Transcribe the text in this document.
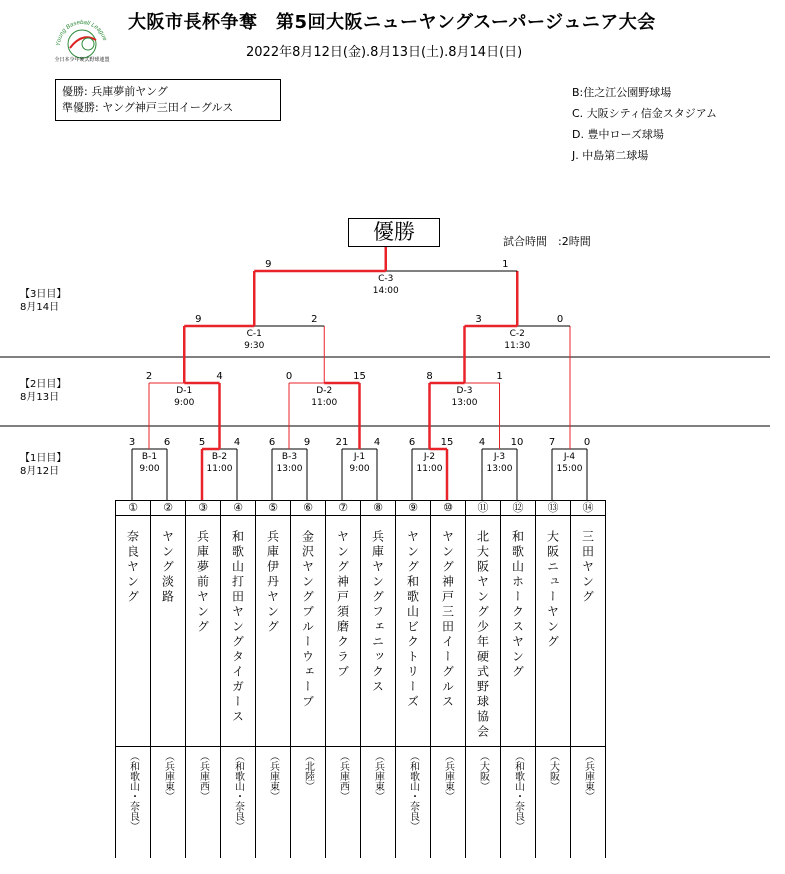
Young Baseball League
全日本少年硬式野球連盟
大阪市長杯争奪　第5回大阪ニューヤングスーパージュニア大会
2022年8月12日(金).8月13日(土).8月14日(日)
優勝: 兵庫夢前ヤング
準優勝: ヤング神戸三田イーグルス
B:住之江公園野球場
C. 大阪シティ信金スタジアム
D. 豊中ローズ球場
J. 中島第二球場
優勝	試合時間　:2時間
【3日目】
8月14日
【2日目】
8月13日
【1日目】
8月12日
3	6
B-1
9:00
5	4
B-2
11:00
6	9
B-3
13:00
21	4
J-1
9:00
6	15
J-2
11:00
4	10
J-3
13:00
7	0
J-4
15:00
2	4
D-1
9:00
0	15
D-2
11:00
8	1
D-3
13:00
9	2
C-1
9:30
3	0
C-2
11:30
9	1
C-3
14:00
①
奈良ヤング
（和歌山・奈良）
②
ヤング淡路
（兵庫東）
③
兵庫夢前ヤング
（兵庫西）
④
和歌山打田ヤングタイガース
（和歌山・奈良）
⑤
兵庫伊丹ヤング
（兵庫東）
⑥
金沢ヤングブルーウェーブ
（北陸）
⑦
ヤング神戸須磨クラブ
（兵庫西）
⑧
兵庫ヤングフェニックス
（兵庫東）
⑨
ヤング和歌山ビクトリーズ
（和歌山・奈良）
⑩
ヤング神戸三田イーグルス
（兵庫東）
⑪
北大阪ヤング少年硬式野球協会
（大阪）
⑫
和歌山ホークスヤング
（和歌山・奈良）
⑬
大阪ニューヤング
（大阪）
⑭
三田ヤング
（兵庫東）
